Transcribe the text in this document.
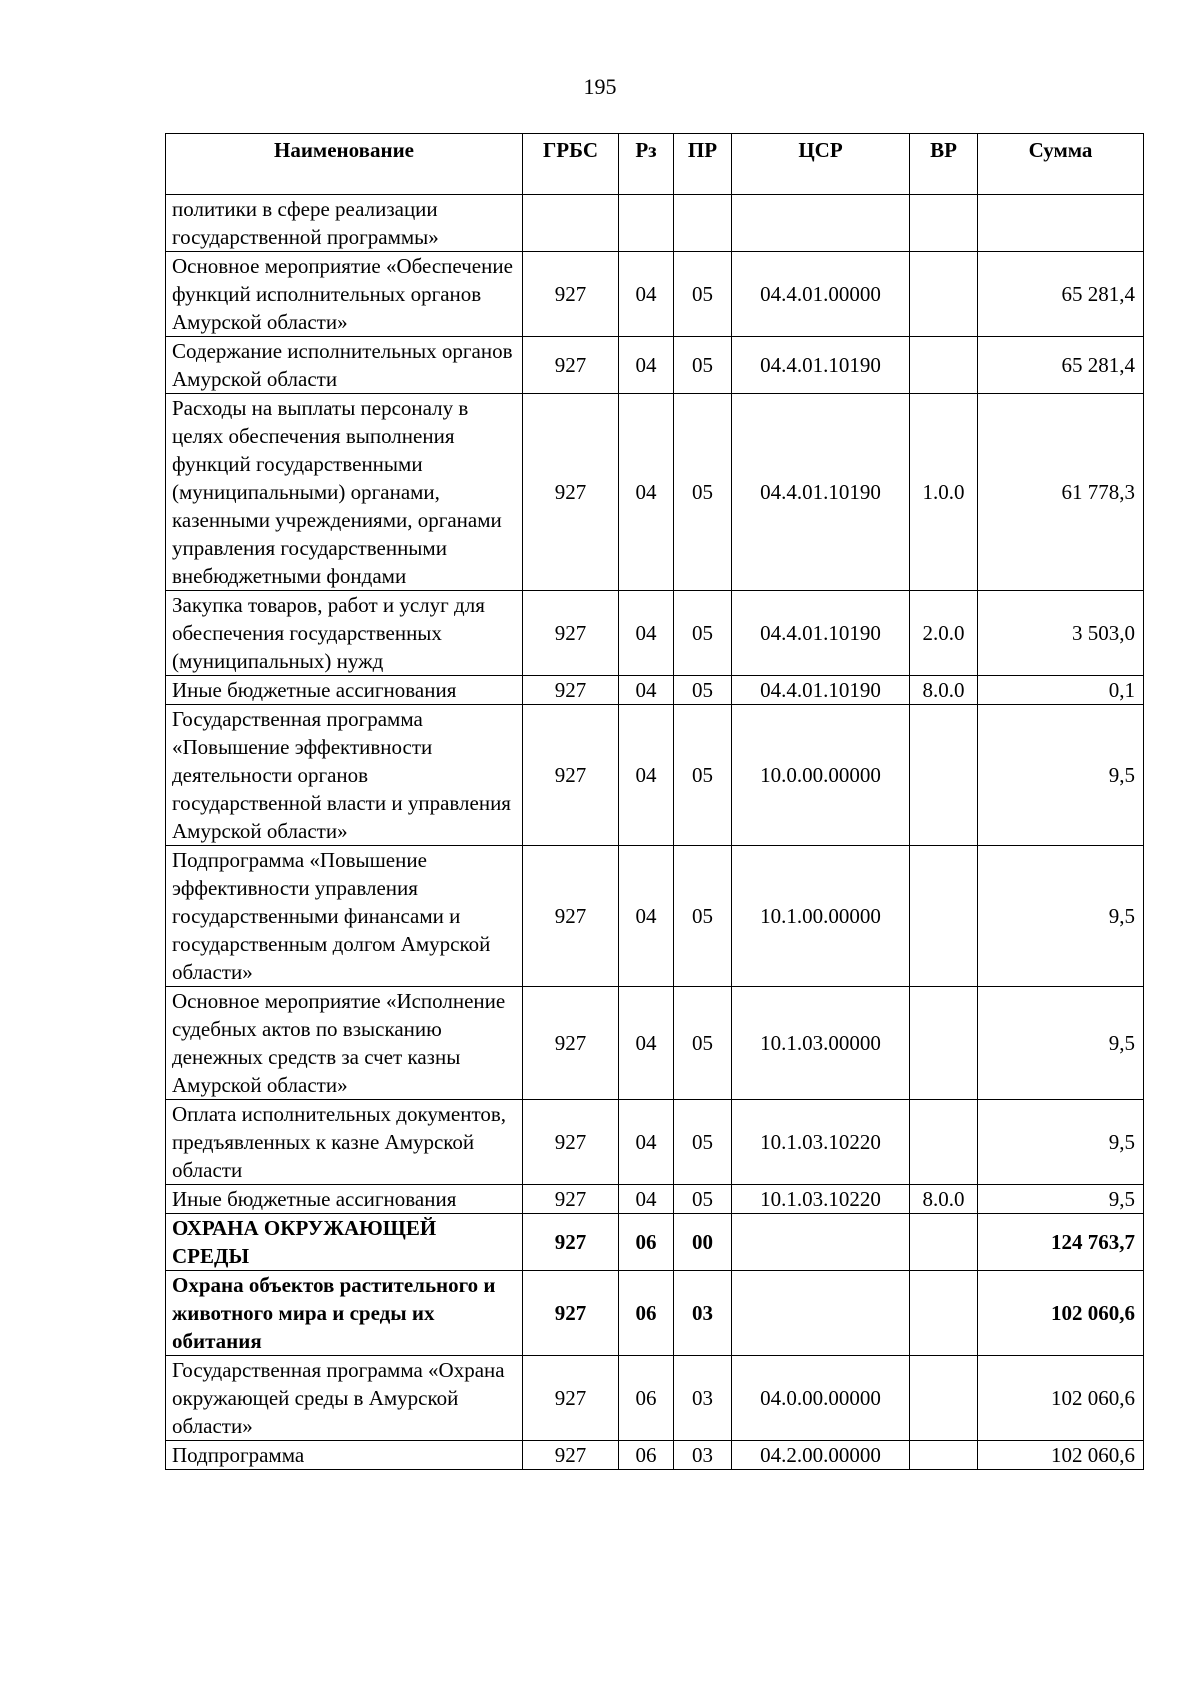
195
Наименование	ГРБС	Рз	ПР	ЦСР	ВР	Сумма
политики в сфере реализации государственной программы»						
Основное мероприятие «Обеспечение функций исполнительных органов Амурской области»	927	04	05	04.4.01.00000		65 281,4
Содержание исполнительных органов Амурской области	927	04	05	04.4.01.10190		65 281,4
Расходы на выплаты персоналу в целях обеспечения выполнения функций государственными (муниципальными) органами, казенными учреждениями, органами управления государственными внебюджетными фондами	927	04	05	04.4.01.10190	1.0.0	61 778,3
Закупка товаров, работ и услуг для обеспечения государственных (муниципальных) нужд	927	04	05	04.4.01.10190	2.0.0	3 503,0
Иные бюджетные ассигнования	927	04	05	04.4.01.10190	8.0.0	0,1
Государственная программа «Повышение эффективности деятельности органов государственной власти и управления Амурской области»	927	04	05	10.0.00.00000		9,5
Подпрограмма «Повышение эффективности управления государственными финансами и государственным долгом Амурской области»	927	04	05	10.1.00.00000		9,5
Основное мероприятие «Исполнение судебных актов по взысканию денежных средств за счет казны Амурской области»	927	04	05	10.1.03.00000		9,5
Оплата исполнительных документов, предъявленных к казне Амурской области	927	04	05	10.1.03.10220		9,5
Иные бюджетные ассигнования	927	04	05	10.1.03.10220	8.0.0	9,5
ОХРАНА ОКРУЖАЮЩЕЙ СРЕДЫ	927	06	00			124 763,7
Охрана объектов растительного и животного мира и среды их обитания	927	06	03			102 060,6
Государственная программа «Охрана окружающей среды в Амурской области»	927	06	03	04.0.00.00000		102 060,6
Подпрограмма	927	06	03	04.2.00.00000		102 060,6
